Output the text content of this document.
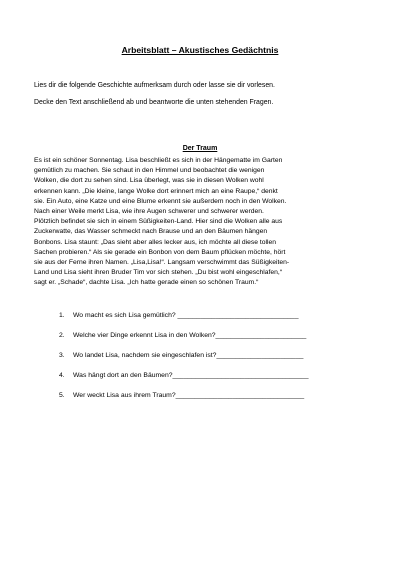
Arbeitsblatt – Akustisches Gedächtnis
Lies dir die folgende Geschichte aufmerksam durch oder lasse sie dir vorlesen.
Decke den Text anschließend ab und beantworte die unten stehenden Fragen.
Der Traum
Es ist ein schöner Sonnentag. Lisa beschließt es sich in der Hängematte im Garten
gemütlich zu machen. Sie schaut in den Himmel und beobachtet die wenigen
Wolken, die dort zu sehen sind. Lisa überlegt, was sie in diesen Wolken wohl
erkennen kann. „Die kleine, lange Wolke dort erinnert mich an eine Raupe,“ denkt
sie. Ein Auto, eine Katze und eine Blume erkennt sie außerdem noch in den Wolken.
Nach einer Weile merkt Lisa, wie ihre Augen schwerer und schwerer werden.
Plötzlich befindet sie sich in einem Süßigkeiten-Land. Hier sind die Wolken alle aus
Zuckerwatte, das Wasser schmeckt nach Brause und an den Bäumen hängen
Bonbons. Lisa staunt: „Das sieht aber alles lecker aus, ich möchte all diese tollen
Sachen probieren.“ Als sie gerade ein Bonbon von dem Baum pflücken möchte, hört
sie aus der Ferne ihren Namen. „Lisa,Lisa!“. Langsam verschwimmt das Süßigkeiten-
Land und Lisa sieht ihren Bruder Tim vor sich stehen. „Du bist wohl eingeschlafen,“
sagt er. „Schade“, dachte Lisa. „Ich hatte gerade einen so schönen Traum.“
1.	Wo macht es sich Lisa gemütlich? ________________________________
2.	Welche vier Dinge erkennt Lisa in den Wolken?________________________
3.	Wo landet Lisa, nachdem sie eingeschlafen ist?_______________________
4.	Was hängt dort an den Bäumen?____________________________________
5.	Wer weckt Lisa aus ihrem Traum?__________________________________
